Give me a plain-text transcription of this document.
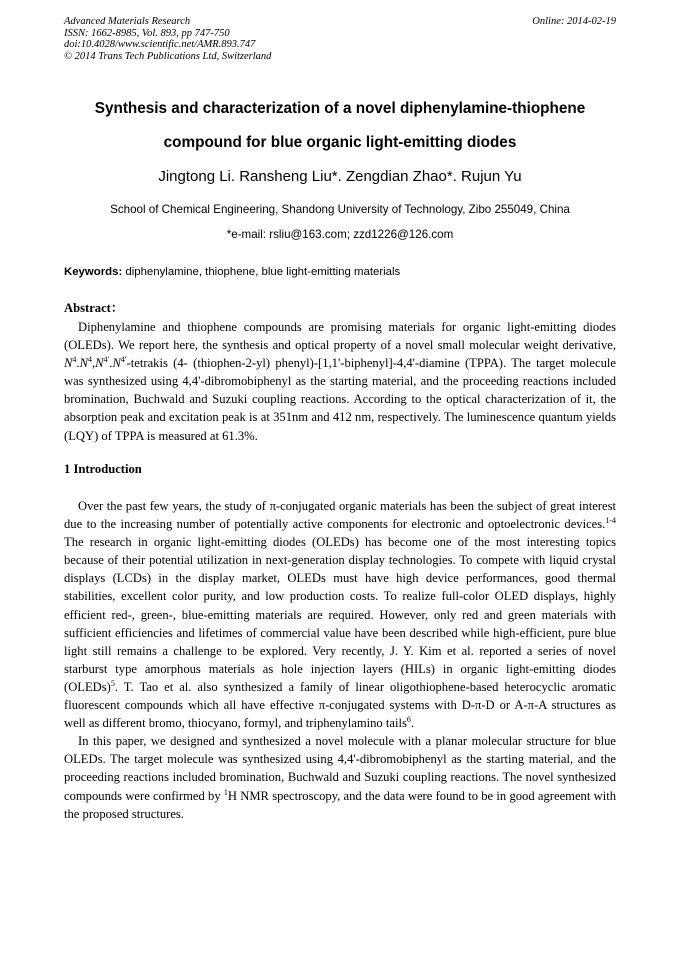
Advanced Materials Research
ISSN: 1662-8985, Vol. 893, pp 747-750
doi:10.4028/www.scientific.net/AMR.893.747
© 2014 Trans Tech Publications Ltd, Switzerland
Online: 2014-02-19
Synthesis and characterization of a novel diphenylamine-thiophene
compound for blue organic light-emitting diodes
Jingtong Li. Ransheng Liu*. Zengdian Zhao*. Rujun Yu
School of Chemical Engineering, Shandong University of Technology, Zibo 255049, China
*e-mail: rsliu@163.com; zzd1226@126.com
Keywords: diphenylamine, thiophene, blue light-emitting materials
Abstract：

Diphenylamine and thiophene compounds are promising materials for organic light-emitting diodes (OLEDs). We report here, the synthesis and optical property of a novel small molecular weight derivative, $N^4.N^4,N^{4'}.N^{4'}$-tetrakis (4- (thiophen-2-yl) phenyl)-[1,1'-biphenyl]-4,4'-diamine (TPPA). The target molecule was synthesized using 4,4'-dibromobiphenyl as the starting material, and the proceeding reactions included bromination, Buchwald and Suzuki coupling reactions. According to the optical characterization of it, the absorption peak and excitation peak is at 351nm and 412 nm, respectively. The luminescence quantum yields (LQY) of TPPA is measured at 61.3%.

1 Introduction

Over the past few years, the study of π-conjugated organic materials has been the subject of great interest due to the increasing number of potentially active components for electronic and optoelectronic devices.$^{1-4}$ The research in organic light-emitting diodes (OLEDs) has become one of the most interesting topics because of their potential utilization in next-generation display technologies. To compete with liquid crystal displays (LCDs) in the display market, OLEDs must have high device performances, good thermal stabilities, excellent color purity, and low production costs. To realize full-color OLED displays, highly efficient red-, green-, blue-emitting materials are required. However, only red and green materials with sufficient efficiencies and lifetimes of commercial value have been described while high-efficient, pure blue light still remains a challenge to be explored. Very recently, J. Y. Kim et al. reported a series of novel starburst type amorphous materials as hole injection layers (HILs) in organic light-emitting diodes (OLEDs)$^5$. T. Tao et al. also synthesized a family of linear oligothiophene-based heterocyclic aromatic fluorescent compounds which all have effective π-conjugated systems with D-π-D or A-π-A structures as well as different bromo, thiocyano, formyl, and triphenylamino tails$^6$.

In this paper, we designed and synthesized a novel molecule with a planar molecular structure for blue OLEDs. The target molecule was synthesized using 4,4'-dibromobiphenyl as the starting material, and the proceeding reactions included bromination, Buchwald and Suzuki coupling reactions. The novel synthesized compounds were confirmed by $^1$H NMR spectroscopy, and the data were found to be in good agreement with the proposed structures.
